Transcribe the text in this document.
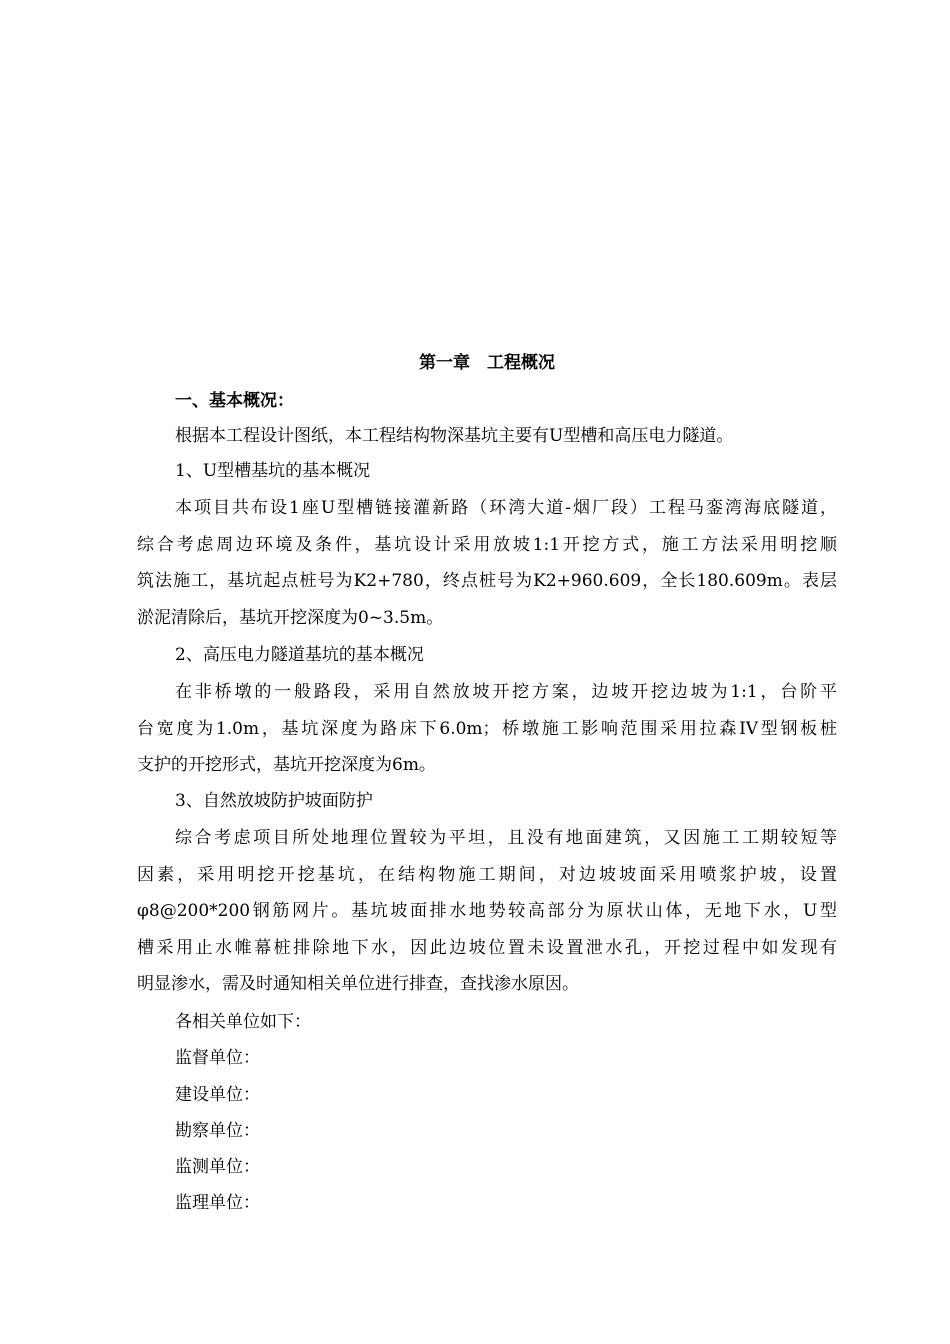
第一章　工程概况
一、基本概况：
根据本工程设计图纸，本工程结构物深基坑主要有U型槽和高压电力隧道。
1、U型槽基坑的基本概况
本项目共布设1座U型槽链接灌新路（环湾大道-烟厂段）工程马銮湾海底隧道，
综合考虑周边环境及条件，基坑设计采用放坡1:1开挖方式，施工方法采用明挖顺
筑法施工，基坑起点桩号为K2+780，终点桩号为K2+960.609，全长180.609m。表层
淤泥清除后，基坑开挖深度为0~3.5m。
2、高压电力隧道基坑的基本概况
在非桥墩的一般路段，采用自然放坡开挖方案，边坡开挖边坡为1:1，台阶平
台宽度为1.0m，基坑深度为路床下6.0m；桥墩施工影响范围采用拉森IV型钢板桩
支护的开挖形式，基坑开挖深度为6m。
3、自然放坡防护坡面防护
综合考虑项目所处地理位置较为平坦，且没有地面建筑，又因施工工期较短等
因素，采用明挖开挖基坑，在结构物施工期间，对边坡坡面采用喷浆护坡，设置
φ8@200*200钢筋网片。基坑坡面排水地势较高部分为原状山体，无地下水，U型
槽采用止水帷幕桩排除地下水，因此边坡位置未设置泄水孔，开挖过程中如发现有
明显渗水，需及时通知相关单位进行排查，查找渗水原因。
各相关单位如下：
监督单位：
建设单位：
勘察单位：
监测单位：
监理单位：
